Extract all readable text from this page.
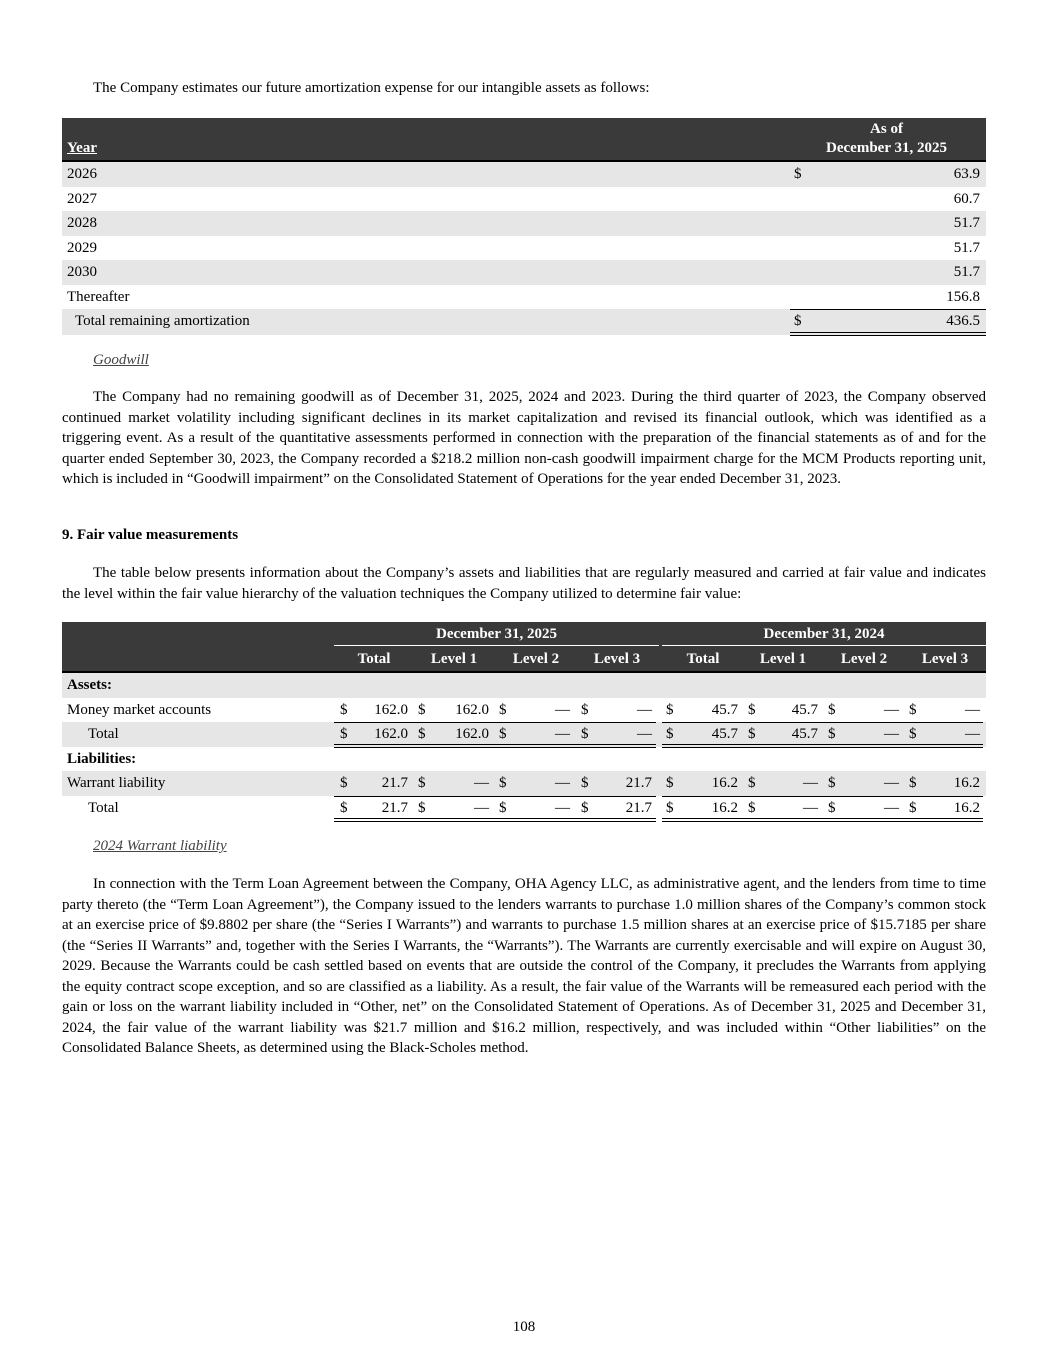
The Company estimates our future amortization expense for our intangible assets as follows:
Year
As of
December 31, 2025
2026	$	63.9
2027	60.7
2028	51.7
2029	51.7
2030	51.7
Thereafter	156.8
Total remaining amortization	$	436.5
Goodwill
The Company had no remaining goodwill as of December 31, 2025, 2024 and 2023. During the third quarter of 2023, the Company observed continued market volatility including significant declines in its market capitalization and revised its financial outlook, which was identified as a triggering event. As a result of the quantitative assessments performed in connection with the preparation of the financial statements as of and for the quarter ended September 30, 2023, the Company recorded a $218.2 million non-cash goodwill impairment charge for the MCM Products reporting unit, which is included in “Goodwill impairment” on the Consolidated Statement of Operations for the year ended December 31, 2023.
9. Fair value measurements
The table below presents information about the Company’s assets and liabilities that are regularly measured and carried at fair value and indicates the level within the fair value hierarchy of the valuation techniques the Company utilized to determine fair value:
December 31, 2025	December 31, 2024
Total	Level 1	Level 2	Level 3	Total	Level 1	Level 2	Level 3
Assets:
Money market accounts	$	162.0 $	162.0 $	— $	— $	45.7 $	45.7 $	— $	—
Total	$	162.0 $	162.0 $	— $	— $	45.7 $	45.7 $	— $	—
Liabilities:
Warrant liability	$	21.7 $	— $	— $	21.7 $	16.2 $	— $	— $	16.2
Total	$	21.7 $	— $	— $	21.7 $	16.2 $	— $	— $	16.2
2024 Warrant liability
In connection with the Term Loan Agreement between the Company, OHA Agency LLC, as administrative agent, and the lenders from time to time party thereto (the “Term Loan Agreement”), the Company issued to the lenders warrants to purchase 1.0 million shares of the Company’s common stock at an exercise price of $9.8802 per share (the “Series I Warrants”) and warrants to purchase 1.5 million shares at an exercise price of $15.7185 per share (the “Series II Warrants” and, together with the Series I Warrants, the “Warrants”). The Warrants are currently exercisable and will expire on August 30, 2029. Because the Warrants could be cash settled based on events that are outside the control of the Company, it precludes the Warrants from applying the equity contract scope exception, and so are classified as a liability. As a result, the fair value of the Warrants will be remeasured each period with the gain or loss on the warrant liability included in “Other, net” on the Consolidated Statement of Operations. As of December 31, 2025 and December 31, 2024, the fair value of the warrant liability was $21.7 million and $16.2 million, respectively, and was included within “Other liabilities” on the Consolidated Balance Sheets, as determined using the Black-Scholes method.
108
